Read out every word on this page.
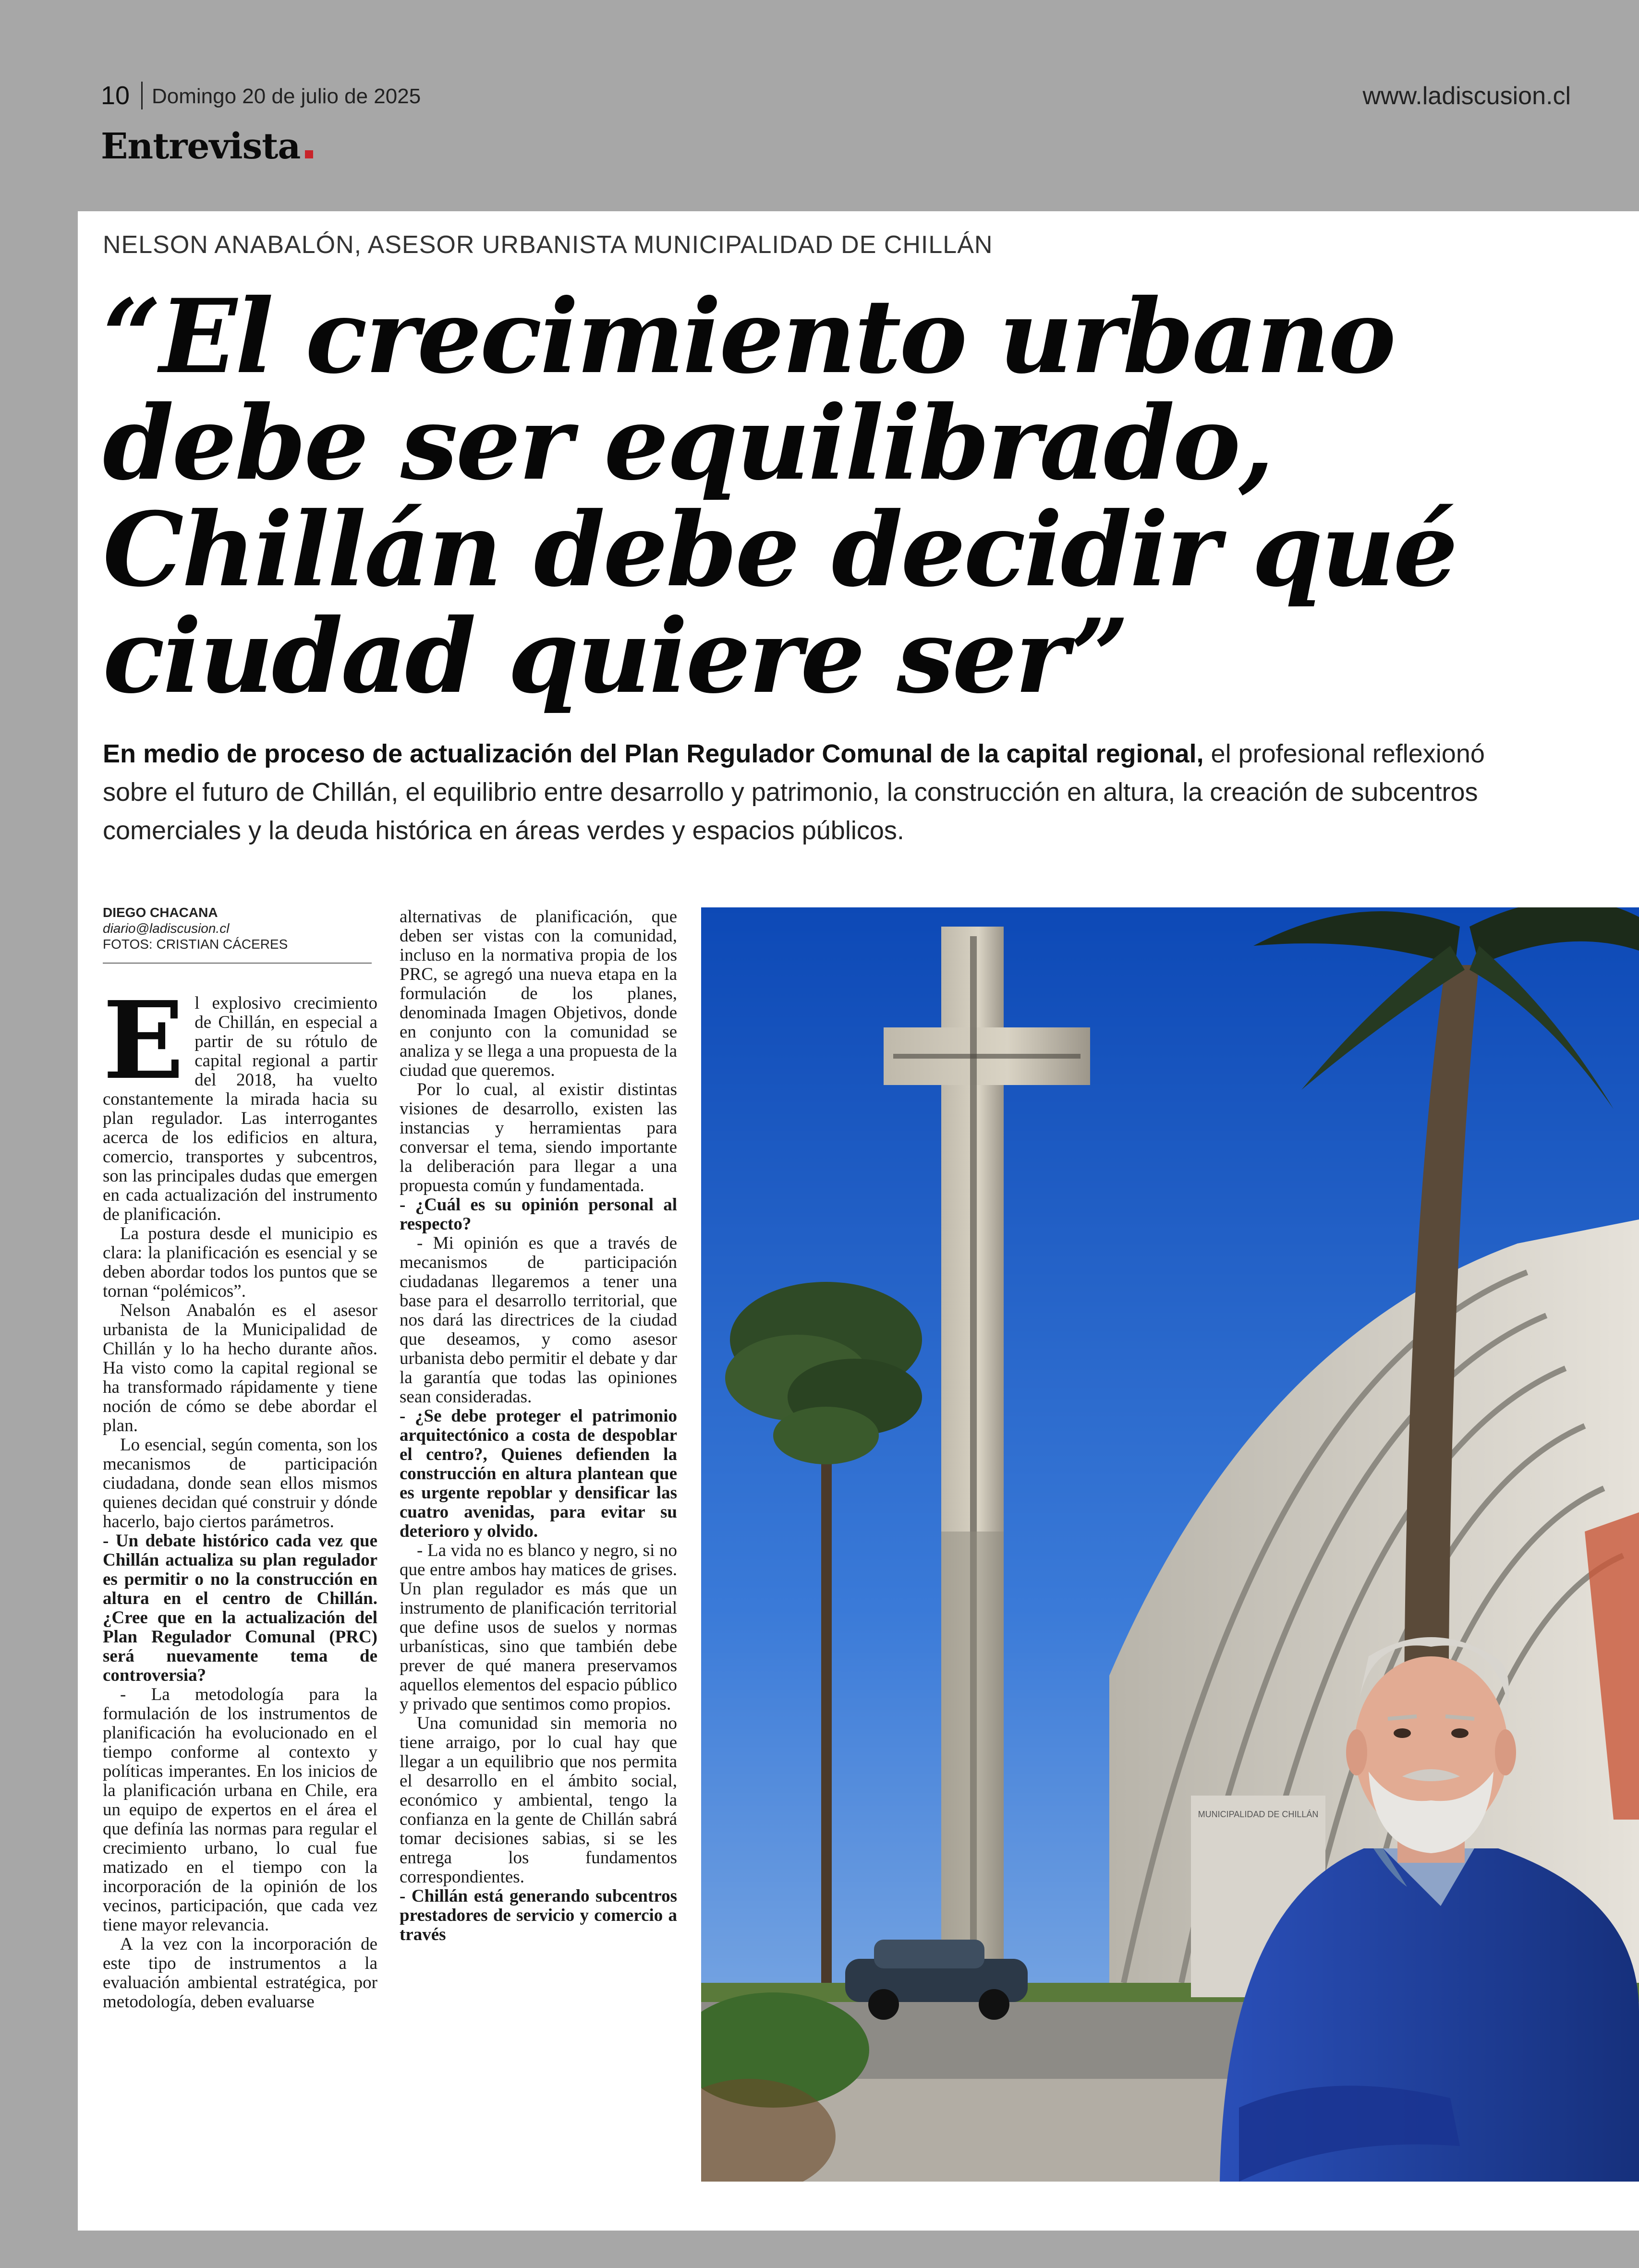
10 Domingo 20 de julio de 2025	www.ladiscusion.cl
Entrevista
NELSON ANABALÓN, ASESOR URBANISTA MUNICIPALIDAD DE CHILLÁN
“El crecimiento urbano debe ser equilibrado, Chillán debe decidir qué ciudad quiere ser”

En medio de proceso de actualización del Plan Regulador Comunal de la capital regional, el profesional reflexionó sobre el futuro de Chillán, el equilibrio entre desarrollo y patrimonio, la construcción en altura, la creación de subcentros comerciales y la deuda histórica en áreas verdes y espacios públicos.

DIEGO CHACANA
diario@ladiscusion.cl
FOTOS: CRISTIAN CÁCERES
E l explosivo crecimiento de Chillán, en especial a partir de su rótulo de capital regional a partir del 2018, ha vuelto constantemente la mirada hacia su plan regulador. Las interrogantes acerca de los edificios en altura, comercio, transportes y subcentros, son las principales dudas que emergen en cada actualización del instrumento de planificación.

La postura desde el municipio es clara: la planificación es esencial y se deben abordar todos los puntos que se tornan “polémicos”.

Nelson Anabalón es el asesor urbanista de la Municipalidad de Chillán y lo ha hecho durante años. Ha visto como la capital regional se ha transformado rápidamente y tiene noción de cómo se debe abordar el plan.

Lo esencial, según comenta, son los mecanismos de participación ciudadana, donde sean ellos mismos quienes decidan qué construir y dónde hacerlo, bajo ciertos parámetros.

- Un debate histórico cada vez que Chillán actualiza su plan regulador es permitir o no la construcción en altura en el centro de Chillán. ¿Cree que en la actualización del Plan Regulador Comunal (PRC) será nuevamente tema de controversia?

- La metodología para la formulación de los instrumentos de planificación ha evolucionado en el tiempo conforme al contexto y políticas imperantes. En los inicios de la planificación urbana en Chile, era un equipo de expertos en el área el que definía las normas para regular el crecimiento urbano, lo cual fue matizado en el tiempo con la incorporación de la opinión de los vecinos, participación, que cada vez tiene mayor relevancia.

A la vez con la incorporación de este tipo de instrumentos a la evaluación ambiental estratégica, por metodología, deben evaluarse

alternativas de planificación, que deben ser vistas con la comunidad, incluso en la normativa propia de los PRC, se agregó una nueva etapa en la formulación de los planes, denominada Imagen Objetivos, donde en conjunto con la comunidad se analiza y se llega a una propuesta de la ciudad que queremos.

Por lo cual, al existir distintas visiones de desarrollo, existen las instancias y herramientas para conversar el tema, siendo importante la deliberación para llegar a una propuesta común y fundamentada.

- ¿Cuál es su opinión personal al respecto?

- Mi opinión es que a través de mecanismos de participación ciudadanas llegaremos a tener una base para el desarrollo territorial, que nos dará las directrices de la ciudad que deseamos, y como asesor urbanista debo permitir el debate y dar la garantía que todas las opiniones sean consideradas.

- ¿Se debe proteger el patrimonio arquitectónico a costa de despoblar el centro?, Quienes defienden la construcción en altura plantean que es urgente repoblar y densificar las cuatro avenidas, para evitar su deterioro y olvido.

- La vida no es blanco y negro, si no que entre ambos hay matices de grises. Un plan regulador es más que un instrumento de planificación territorial que define usos de suelos y normas urbanísticas, sino que también debe prever de qué manera preservamos aquellos elementos del espacio público y privado que sentimos como propios.

Una comunidad sin memoria no tiene arraigo, por lo cual hay que llegar a un equilibrio que nos permita el desarrollo en el ámbito social, económico y ambiental, tengo la confianza en la gente de Chillán sabrá tomar decisiones sabias, si se les entrega los fundamentos correspondientes.

- Chillán está generando subcentros prestadores de servicio y comercio a través

MUNICIPALIDAD DE CHILLÁN
